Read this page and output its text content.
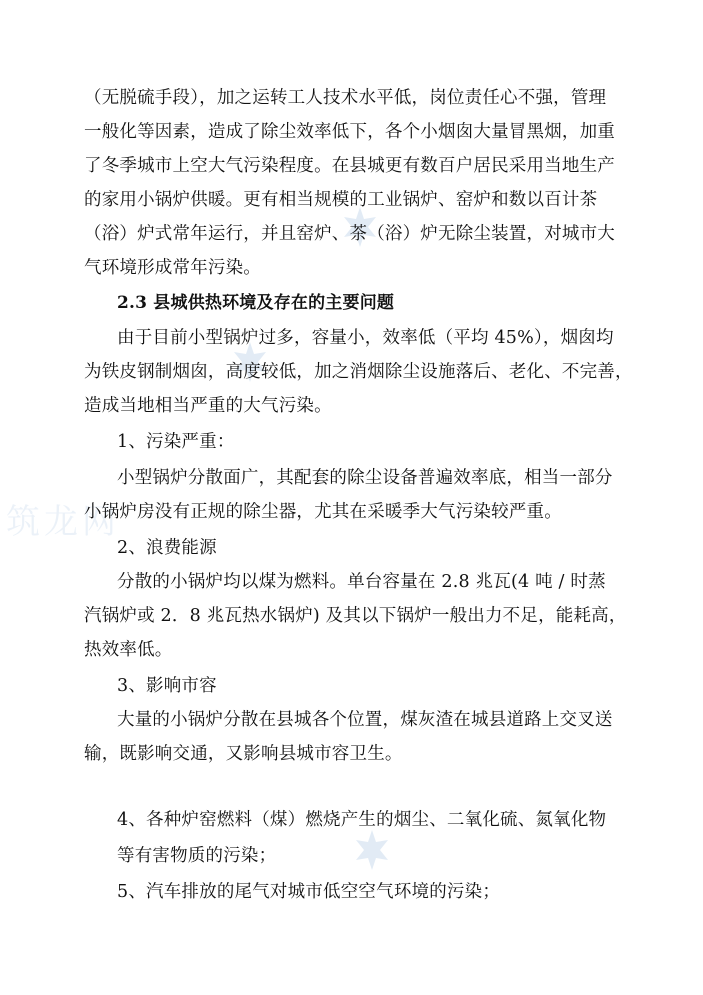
筑龙网
（无脱硫手段），加之运转工人技术水平低，岗位责任心不强，管理
一般化等因素，造成了除尘效率低下，各个小烟囱大量冒黑烟，加重
了冬季城市上空大气污染程度。在县城更有数百户居民采用当地生产
的家用小锅炉供暖。更有相当规模的工业锅炉、窑炉和数以百计茶
（浴）炉式常年运行，并且窑炉、茶（浴）炉无除尘装置，对城市大
气环境形成常年污染。
2.3 县城供热环境及存在的主要问题
由于目前小型锅炉过多，容量小，效率低（平均 45%），烟囱均
为铁皮钢制烟囱，高度较低，加之消烟除尘设施落后、老化、不完善，
造成当地相当严重的大气污染。
1、污染严重：
小型锅炉分散面广，其配套的除尘设备普遍效率底，相当一部分
小锅炉房没有正规的除尘器，尤其在采暖季大气污染较严重。
2、浪费能源
分散的小锅炉均以煤为燃料。单台容量在 2.8 兆瓦(4 吨 / 时蒸
汽锅炉或 2．8 兆瓦热水锅炉) 及其以下锅炉一般出力不足，能耗高，
热效率低。
3、影响市容
大量的小锅炉分散在县城各个位置，煤灰渣在城县道路上交叉送
输，既影响交通，又影响县城市容卫生。
4、各种炉窑燃料（煤）燃烧产生的烟尘、二氧化硫、氮氧化物
等有害物质的污染；
5、汽车排放的尾气对城市低空空气环境的污染；
